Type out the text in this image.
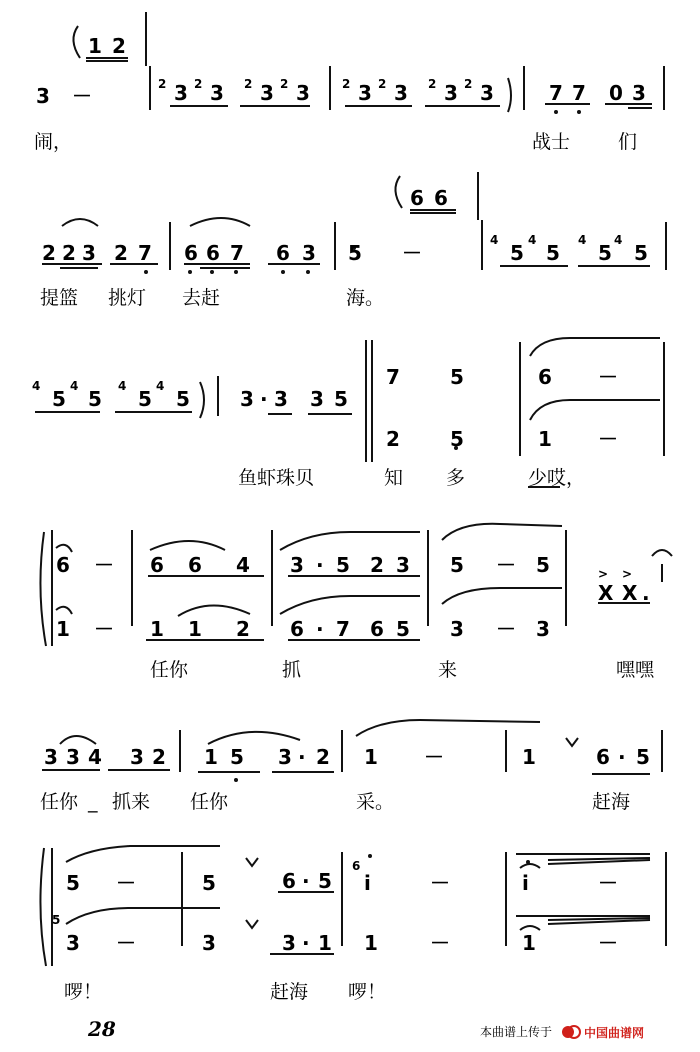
1 2
3 －	2 3 2 3 2 3 2 3	2 3 2 3 2 3 2 3	7 7 0 3
闹，	战士	们
6 6
2 2 3 2 7 6 6 7 6 3 5 －
4
5
4
5
4
5
4
5
提篮 挑灯 去赶	海。
4
5
4
5
4
5
4
5	3 · 3 3 5
7	5
2	5
6 －
1 －
鱼虾珠贝	知 多	少哎，
6 － 6 6 4 3 · 5 2 3 5 － 5
1 － 1 1 2 6 · 7 6 5 3 － 3
X X .
> >
任你	抓	来	嘿嘿
3 3 4 3 2 1 5 3 · 2 1 －	1	6 · 5
任你 _ 抓来 任你	采。	赶海
5 －	5	6 · 5
6
i	－	i	－
5
3 －	3	3 · 1 1	－	1	－
啰！	赶海 啰！
28	本曲谱上传于	中国曲谱网
